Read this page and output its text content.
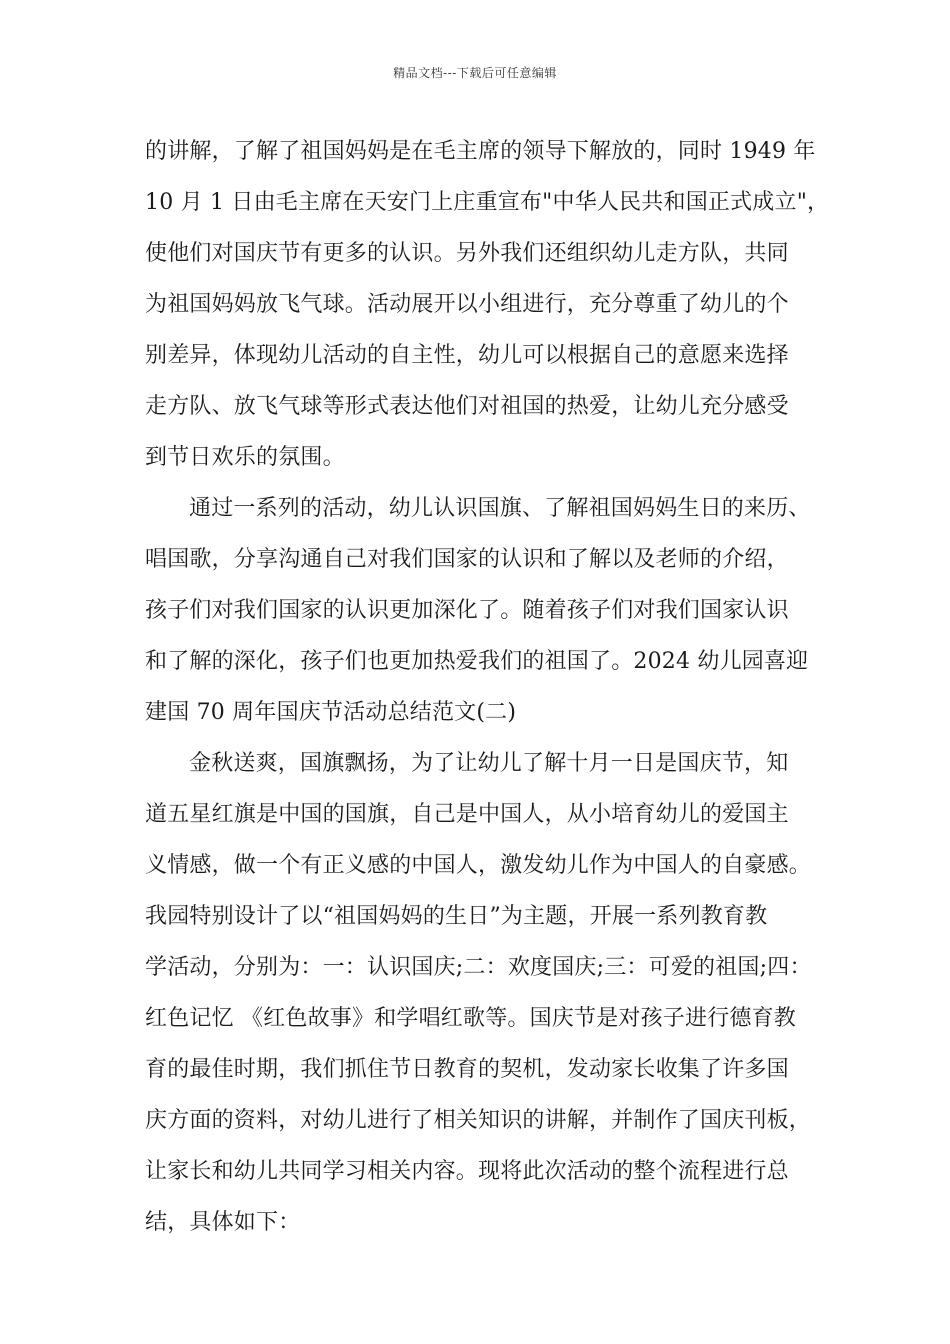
精品文档---下载后可任意编辑
的讲解，了解了祖国妈妈是在毛主席的领导下解放的，同时 1949 年
10 月 1 日由毛主席在天安门上庄重宣布"中华人民共和国正式成立"，
使他们对国庆节有更多的认识。另外我们还组织幼儿走方队，共同
为祖国妈妈放飞气球。活动展开以小组进行，充分尊重了幼儿的个
别差异，体现幼儿活动的自主性，幼儿可以根据自己的意愿来选择
走方队、放飞气球等形式表达他们对祖国的热爱，让幼儿充分感受
到节日欢乐的氛围。
通过一系列的活动，幼儿认识国旗、了解祖国妈妈生日的来历、
唱国歌，分享沟通自己对我们国家的认识和了解以及老师的介绍，
孩子们对我们国家的认识更加深化了。随着孩子们对我们国家认识
和了解的深化，孩子们也更加热爱我们的祖国了。2024 幼儿园喜迎
建国 70 周年国庆节活动总结范文(二)
金秋送爽，国旗飘扬，为了让幼儿了解十月一日是国庆节，知
道五星红旗是中国的国旗，自己是中国人，从小培育幼儿的爱国主
义情感，做一个有正义感的中国人，激发幼儿作为中国人的自豪感。
我园特别设计了以“祖国妈妈的生日”为主题，开展一系列教育教
学活动，分别为：一：认识国庆;二：欢度国庆;三：可爱的祖国;四：
红色记忆 《红色故事》和学唱红歌等。国庆节是对孩子进行德育教
育的最佳时期，我们抓住节日教育的契机，发动家长收集了许多国
庆方面的资料，对幼儿进行了相关知识的讲解，并制作了国庆刊板，
让家长和幼儿共同学习相关内容。现将此次活动的整个流程进行总
结，具体如下：
